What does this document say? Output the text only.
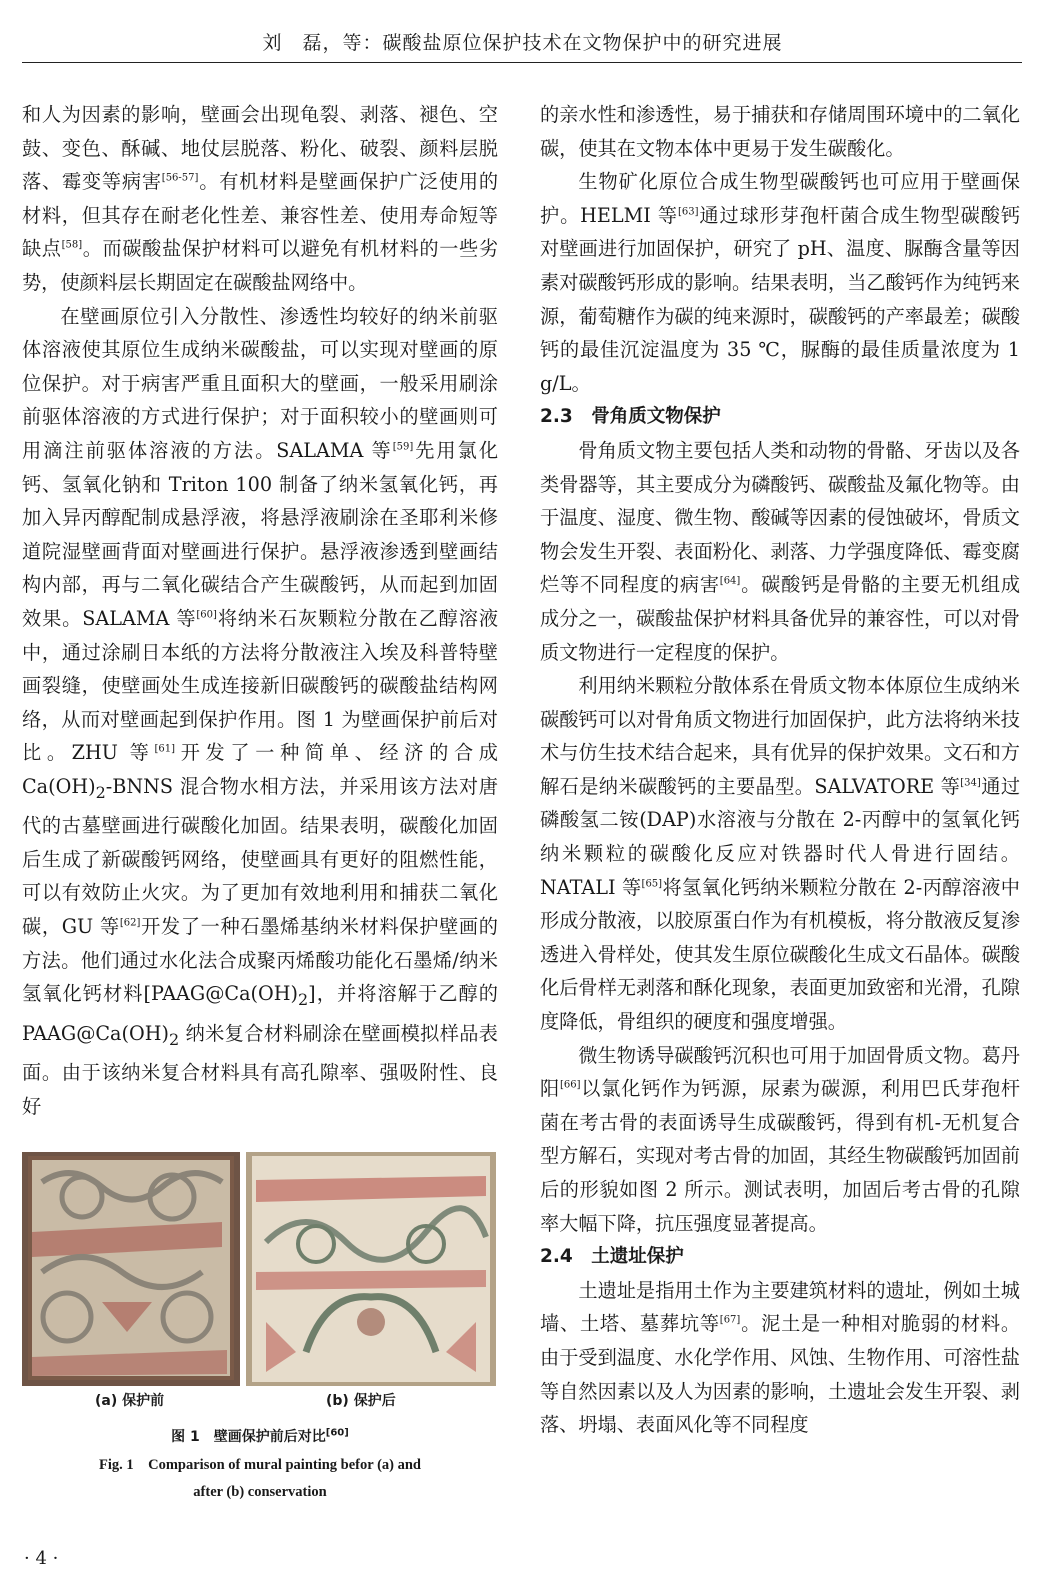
刘　磊，等：碳酸盐原位保护技术在文物保护中的研究进展

和人为因素的影响，壁画会出现龟裂、剥落、褪色、空鼓、变色、酥碱、地仗层脱落、粉化、破裂、颜料层脱落、霉变等病害[56-57]。有机材料是壁画保护广泛使用的材料，但其存在耐老化性差、兼容性差、使用寿命短等缺点[58]。而碳酸盐保护材料可以避免有机材料的一些劣势，使颜料层长期固定在碳酸盐网络中。

在壁画原位引入分散性、渗透性均较好的纳米前驱体溶液使其原位生成纳米碳酸盐，可以实现对壁画的原位保护。对于病害严重且面积大的壁画，一般采用刷涂前驱体溶液的方式进行保护；对于面积较小的壁画则可用滴注前驱体溶液的方法。SALAMA 等[59]先用氯化钙、氢氧化钠和 Triton 100 制备了纳米氢氧化钙，再加入异丙醇配制成悬浮液，将悬浮液刷涂在圣耶利米修道院湿壁画背面对壁画进行保护。悬浮液渗透到壁画结构内部，再与二氧化碳结合产生碳酸钙，从而起到加固效果。SALAMA 等[60]将纳米石灰颗粒分散在乙醇溶液中，通过涂刷日本纸的方法将分散液注入埃及科普特壁画裂缝，使壁画处生成连接新旧碳酸钙的碳酸盐结构网络，从而对壁画起到保护作用。图 1 为壁画保护前后对比。ZHU 等[61]开发了一种简单、经济的合成 $Ca(OH)_2$-BNNS 混合物水相方法，并采用该方法对唐代的古墓壁画进行碳酸化加固。结果表明，碳酸化加固后生成了新碳酸钙网络，使壁画具有更好的阻燃性能，可以有效防止火灾。为了更加有效地利用和捕获二氧化碳，GU 等[62]开发了一种石墨烯基纳米材料保护壁画的方法。他们通过水化法合成聚丙烯酸功能化石墨烯/纳米氢氧化钙材料$[PAAG@Ca(OH)_2]$，并将溶解于乙醇的 $PAAG@Ca(OH)_2$ 纳米复合材料刷涂在壁画模拟样品表面。由于该纳米复合材料具有高孔隙率、强吸附性、良好

(a) 保护前	(b) 保护后
图 1　壁画保护前后对比[60]
Fig. 1　Comparison of mural painting befor (a) and
after (b) conservation

的亲水性和渗透性，易于捕获和存储周围环境中的二氧化碳，使其在文物本体中更易于发生碳酸化。

生物矿化原位合成生物型碳酸钙也可应用于壁画保护。HELMI 等[63]通过球形芽孢杆菌合成生物型碳酸钙对壁画进行加固保护，研究了 pH、温度、脲酶含量等因素对碳酸钙形成的影响。结果表明，当乙酸钙作为纯钙来源，葡萄糖作为碳的纯来源时，碳酸钙的产率最差；碳酸钙的最佳沉淀温度为 35 ℃，脲酶的最佳质量浓度为 1 g/L。

2.3　骨角质文物保护

骨角质文物主要包括人类和动物的骨骼、牙齿以及各类骨器等，其主要成分为磷酸钙、碳酸盐及氟化物等。由于温度、湿度、微生物、酸碱等因素的侵蚀破坏，骨质文物会发生开裂、表面粉化、剥落、力学强度降低、霉变腐烂等不同程度的病害[64]。碳酸钙是骨骼的主要无机组成成分之一，碳酸盐保护材料具备优异的兼容性，可以对骨质文物进行一定程度的保护。

利用纳米颗粒分散体系在骨质文物本体原位生成纳米碳酸钙可以对骨角质文物进行加固保护，此方法将纳米技术与仿生技术结合起来，具有优异的保护效果。文石和方解石是纳米碳酸钙的主要晶型。SALVATORE 等[34]通过磷酸氢二铵(DAP)水溶液与分散在 2-丙醇中的氢氧化钙纳米颗粒的碳酸化反应对铁器时代人骨进行固结。NATALI 等[65]将氢氧化钙纳米颗粒分散在 2-丙醇溶液中形成分散液，以胶原蛋白作为有机模板，将分散液反复渗透进入骨样处，使其发生原位碳酸化生成文石晶体。碳酸化后骨样无剥落和酥化现象，表面更加致密和光滑，孔隙度降低，骨组织的硬度和强度增强。

微生物诱导碳酸钙沉积也可用于加固骨质文物。葛丹阳[66]以氯化钙作为钙源，尿素为碳源，利用巴氏芽孢杆菌在考古骨的表面诱导生成碳酸钙，得到有机-无机复合型方解石，实现对考古骨的加固，其经生物碳酸钙加固前后的形貌如图 2 所示。测试表明，加固后考古骨的孔隙率大幅下降，抗压强度显著提高。

2.4　土遗址保护

土遗址是指用土作为主要建筑材料的遗址，例如土城墙、土塔、墓葬坑等[67]。泥土是一种相对脆弱的材料。由于受到温度、水化学作用、风蚀、生物作用、可溶性盐等自然因素以及人为因素的影响，土遗址会发生开裂、剥落、坍塌、表面风化等不同程度

· 4 ·
